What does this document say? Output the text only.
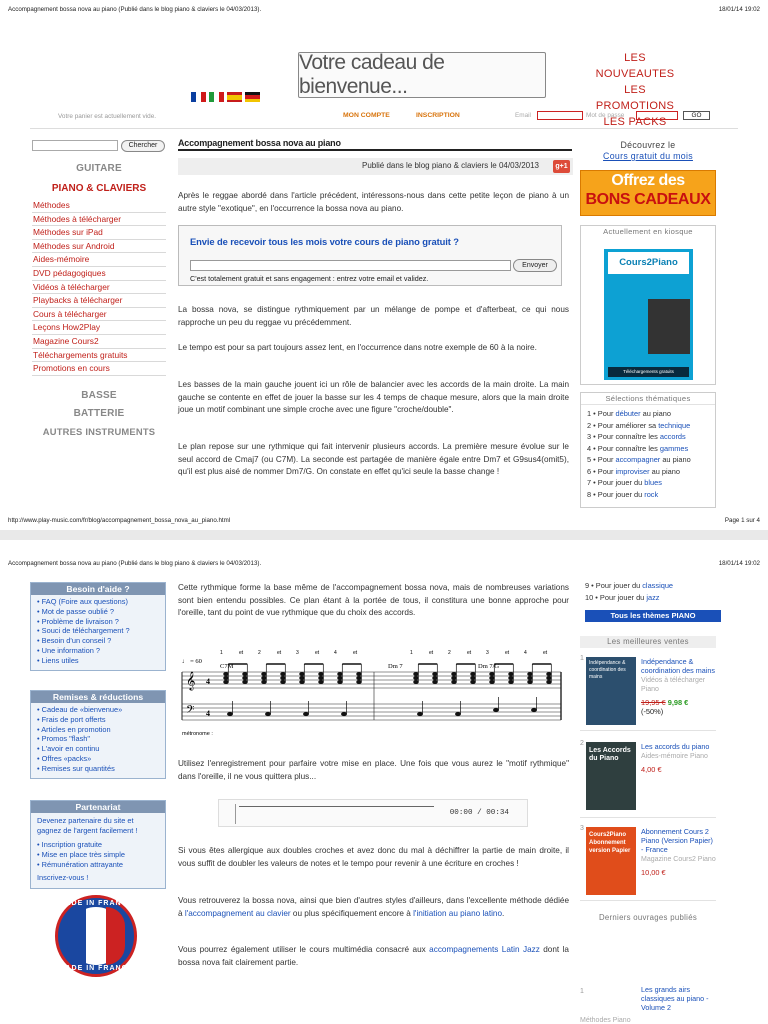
Accompagnement bossa nova au piano (Publié dans le blog piano & claviers le 04/03/2013).	18/01/14 19:02
Votre cadeau de bienvenue...
LES NOUVEAUTES
LES PROMOTIONS
LES PACKS
Votre panier est actuellement vide.	MON COMPTE	INSCRIPTION	Email	Mot de passe	GO
Chercher
GUITARE
PIANO & CLAVIERS
Méthodes
Méthodes à télécharger
Méthodes sur iPad
Méthodes sur Android
Aides-mémoire
DVD pédagogiques
Vidéos à télécharger
Playbacks à télécharger
Cours à télécharger
Leçons How2Play
Magazine Cours2
Téléchargements gratuits
Promotions en cours
BASSE
BATTERIE
AUTRES INSTRUMENTS
Accompagnement bossa nova au piano
Publié dans le blog piano & claviers le 04/03/2013	g+1
Après le reggae abordé dans l'article précédent, intéressons-nous dans cette petite leçon de piano à un autre style "exotique", en l'occurrence la bossa nova au piano.
Envie de recevoir tous les mois votre cours de piano gratuit ?
Envoyer
C'est totalement gratuit et sans engagement : entrez votre email et validez.
La bossa nova, se distingue rythmiquement par un mélange de pompe et d'afterbeat, ce qui nous rapproche un peu du reggae vu précédemment.
Le tempo est pour sa part toujours assez lent, en l'occurrence dans notre exemple de 60 à la noire.
Les basses de la main gauche jouent ici un rôle de balancier avec les accords de la main droite. La main gauche se contente en effet de jouer la basse sur les 4 temps de chaque mesure, alors que la main droite joue un motif combinant une simple croche avec une figure "croche/double".
Le plan repose sur une rythmique qui fait intervenir plusieurs accords. La première mesure évolue sur le seul accord de Cmaj7 (ou C7M). La seconde est partagée de manière égale entre Dm7 et G9sus4(omit5), qu'il est plus aisé de nommer Dm7/G. On constate en effet qu'ici seule la basse change !
Découvrez le
Cours gratuit du mois
Offrez des
BONS CADEAUX
Actuellement en kiosque
Cours2Piano
Téléchargements gratuits
Sélections thématiques
1 • Pour débuter au piano
2 • Pour améliorer sa technique
3 • Pour connaître les accords
4 • Pour connaître les gammes
5 • Pour accompagner au piano
6 • Pour improviser au piano
7 • Pour jouer du blues
8 • Pour jouer du rock
http://www.play-music.com/fr/blog/accompagnement_bossa_nova_au_piano.html	Page 1 sur 4
Accompagnement bossa nova au piano (Publié dans le blog piano & claviers le 04/03/2013).	18/01/14 19:02
Besoin d'aide ?
• FAQ (Foire aux questions)
• Mot de passe oublié ?
• Problème de livraison ?
• Souci de téléchargement ?
• Besoin d'un conseil ?
• Une information ?
• Liens utiles
Remises & réductions
• Cadeau de «bienvenue»
• Frais de port offerts
• Articles en promotion
• Promos "flash"
• L'avoir en continu
• Offres «packs»
• Remises sur quantités
Partenariat

Devenez partenaire du site et gagnez de l'argent facilement !

• Inscription gratuite
• Mise en place très simple
• Rémunération attrayante

Inscrivez-vous !

MADE IN FRANCE
MADE IN FRANCE
Cette rythmique forme la base même de l'accompagnement bossa nova, mais de nombreuses variations sont bien entendu possibles. Ce plan étant à la portée de tous, il constitura une bonne approche pour l'oreille, tant du point de vue rythmique que du choix des accords.
𝄞
𝄢
4
4
♩ = 60
métronome :
1	et	2	et	3	et	4	et	1	et	2	et	3	et	4	et
C7M	Dm 7	Dm 7/G
Utilisez l'enregistrement pour parfaire votre mise en place. Une fois que vous aurez le "motif rythmique" dans l'oreille, il ne vous quittera plus...
00:00 / 00:34
Si vous êtes allergique aux doubles croches et avez donc du mal à déchiffrer la partie de main droite, il vous suffit de doubler les valeurs de notes et le tempo pour revenir à une écriture en croches !
Vous retrouverez la bossa nova, ainsi que bien d'autres styles d'ailleurs, dans l'excellente méthode dédiée à l'accompagnement au clavier ou plus spécifiquement encore à l'initiation au piano latino.
Vous pourrez également utiliser le cours multimédia consacré aux accompagnements Latin Jazz dont la bossa nova fait clairement partie.
9 • Pour jouer du classique
10 • Pour jouer du jazz
Tous les thèmes PIANO
Les meilleures ventes
1
Indépendance & coordination des mains
Indépendance & coordination des mains
Vidéos à télécharger Piano
19,95 € 9,98 €
(-50%)
2
Les Accords du Piano
Les accords du piano
Aides-mémoire Piano
4,00 €
3
Cours2Piano Abonnement version Papier
Abonnement Cours 2 Piano (Version Papier) - France
Magazine Cours2 Piano
10,00 €
Derniers ouvrages publiés
1	Les grands airs classiques au piano - Volume 2
Méthodes Piano
